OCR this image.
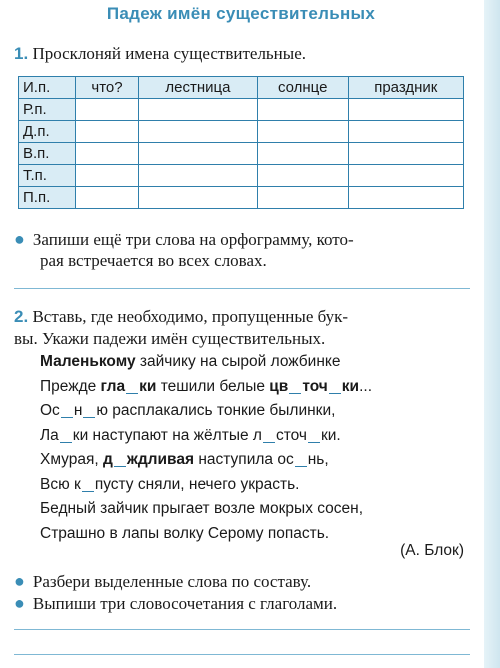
Падеж имён существительных
1. Просклоняй имена существительные.
И.п.	что?	лестница	солнце	праздник
Р.п.				
Д.п.				
В.п.				
Т.п.				
П.п.				
● Запиши ещё три слова на орфограмму, кото-
рая встречается во всех словах.
2. Вставь, где необходимо, пропущенные бук-
вы. Укажи падежи имён существительных.
Маленькому зайчику на сырой ложбинке
Прежде гла ки тешили белые цв точ ки...
Ос н ю расплакались тонкие былинки,
Ла ки наступают на жёлтые л сточ ки.
Хмурая, д ждливая наступила ос нь,
Всю к пусту сняли, нечего украсть.
Бедный зайчик прыгает возле мокрых сосен,
Страшно в лапы волку Серому попасть.
(А. Блок)
● Разбери выделенные слова по составу.
● Выпиши три словосочетания с глаголами.
